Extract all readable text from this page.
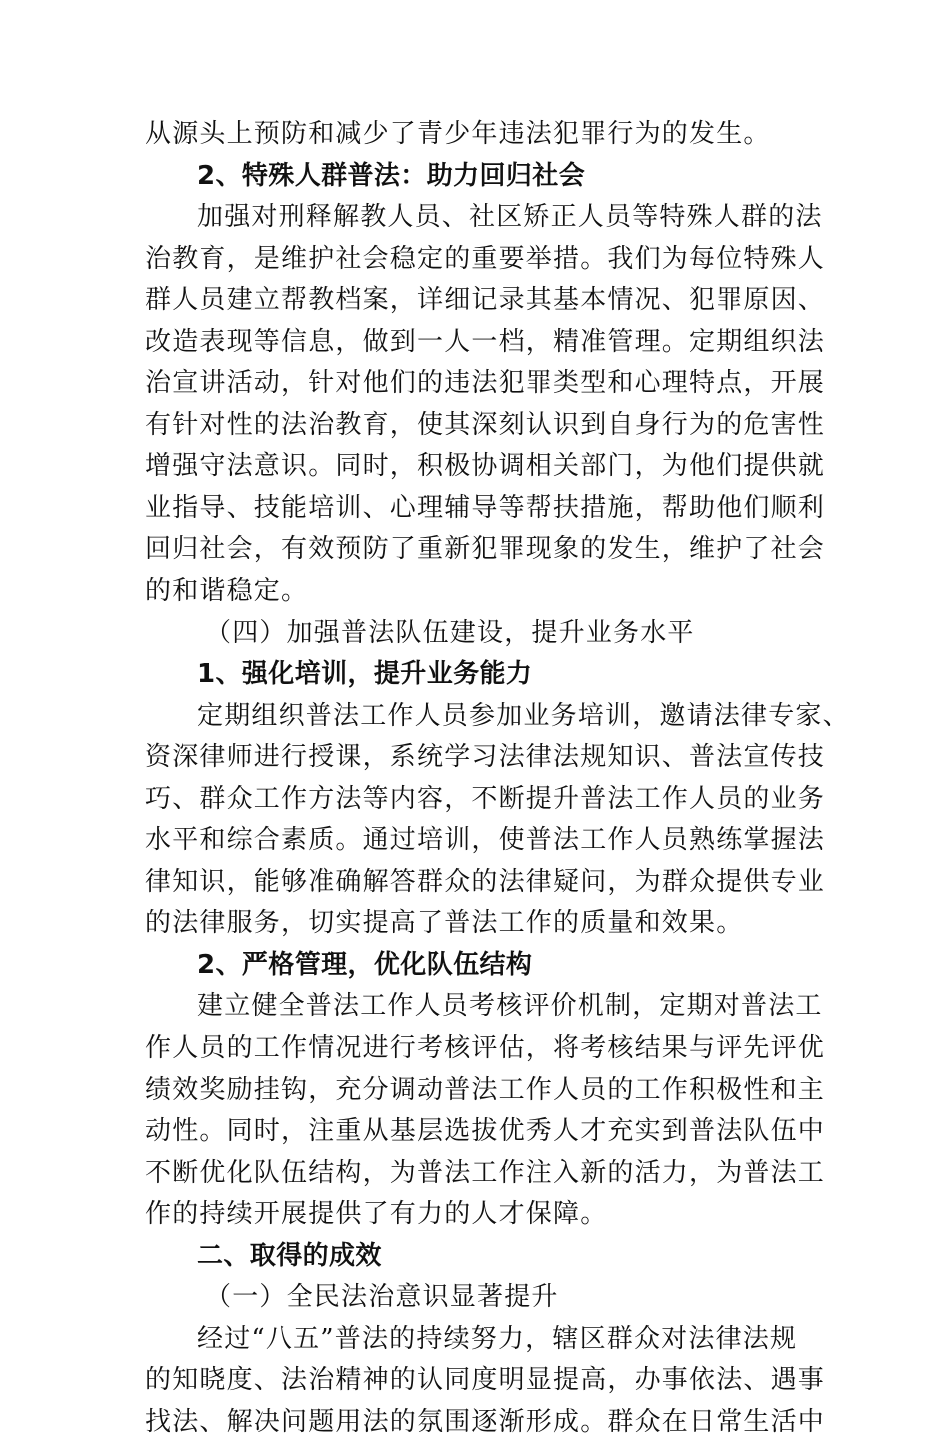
从源头上预防和减少了青少年违法犯罪行为的发生。
2、特殊人群普法：助力回归社会
加强对刑释解教人员、社区矫正人员等特殊人群的法
治教育，是维护社会稳定的重要举措。我们为每位特殊人
群人员建立帮教档案，详细记录其基本情况、犯罪原因、
改造表现等信息，做到一人一档，精准管理。定期组织法
治宣讲活动，针对他们的违法犯罪类型和心理特点，开展
有针对性的法治教育，使其深刻认识到自身行为的危害性
增强守法意识。同时，积极协调相关部门，为他们提供就
业指导、技能培训、心理辅导等帮扶措施，帮助他们顺利
回归社会，有效预防了重新犯罪现象的发生，维护了社会
的和谐稳定。
（四）加强普法队伍建设，提升业务水平
1、强化培训，提升业务能力
定期组织普法工作人员参加业务培训，邀请法律专家、
资深律师进行授课，系统学习法律法规知识、普法宣传技
巧、群众工作方法等内容，不断提升普法工作人员的业务
水平和综合素质。通过培训，使普法工作人员熟练掌握法
律知识，能够准确解答群众的法律疑问，为群众提供专业
的法律服务，切实提高了普法工作的质量和效果。
2、严格管理，优化队伍结构
建立健全普法工作人员考核评价机制，定期对普法工
作人员的工作情况进行考核评估，将考核结果与评先评优
绩效奖励挂钩，充分调动普法工作人员的工作积极性和主
动性。同时，注重从基层选拔优秀人才充实到普法队伍中
不断优化队伍结构，为普法工作注入新的活力，为普法工
作的持续开展提供了有力的人才保障。
二、取得的成效
（一）全民法治意识显著提升
经过“八五”普法的持续努力，辖区群众对法律法规
的知晓度、法治精神的认同度明显提高，办事依法、遇事
找法、解决问题用法的氛围逐渐形成。群众在日常生活中
